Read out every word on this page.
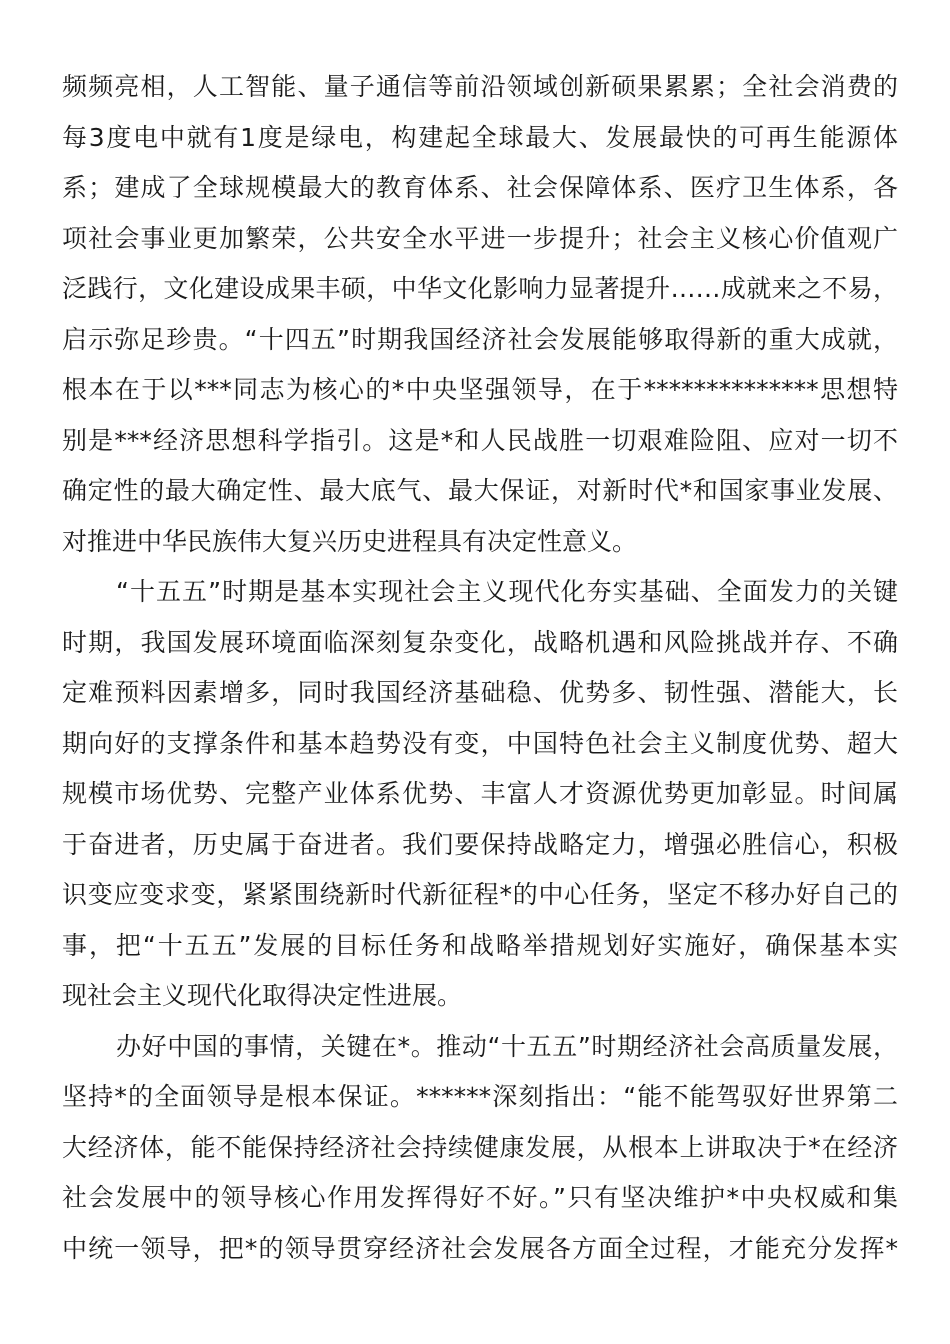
频频亮相，人工智能、量子通信等前沿领域创新硕果累累；全社会消费的
每3度电中就有1度是绿电，构建起全球最大、发展最快的可再生能源体
系；建成了全球规模最大的教育体系、社会保障体系、医疗卫生体系，各
项社会事业更加繁荣，公共安全水平进一步提升；社会主义核心价值观广
泛践行，文化建设成果丰硕，中华文化影响力显著提升……成就来之不易，
启示弥足珍贵。“十四五”时期我国经济社会发展能够取得新的重大成就，
根本在于以***同志为核心的*中央坚强领导，在于**************思想特
别是***经济思想科学指引。这是*和人民战胜一切艰难险阻、应对一切不
确定性的最大确定性、最大底气、最大保证，对新时代*和国家事业发展、
对推进中华民族伟大复兴历史进程具有决定性意义。
“十五五”时期是基本实现社会主义现代化夯实基础、全面发力的关键
时期，我国发展环境面临深刻复杂变化，战略机遇和风险挑战并存、不确
定难预料因素增多，同时我国经济基础稳、优势多、韧性强、潜能大，长
期向好的支撑条件和基本趋势没有变，中国特色社会主义制度优势、超大
规模市场优势、完整产业体系优势、丰富人才资源优势更加彰显。时间属
于奋进者，历史属于奋进者。我们要保持战略定力，增强必胜信心，积极
识变应变求变，紧紧围绕新时代新征程*的中心任务，坚定不移办好自己的
事，把“十五五”发展的目标任务和战略举措规划好实施好，确保基本实
现社会主义现代化取得决定性进展。
办好中国的事情，关键在*。推动“十五五”时期经济社会高质量发展，
坚持*的全面领导是根本保证。******深刻指出：“能不能驾驭好世界第二
大经济体，能不能保持经济社会持续健康发展，从根本上讲取决于*在经济
社会发展中的领导核心作用发挥得好不好。”只有坚决维护*中央权威和集
中统一领导，把*的领导贯穿经济社会发展各方面全过程，才能充分发挥*
